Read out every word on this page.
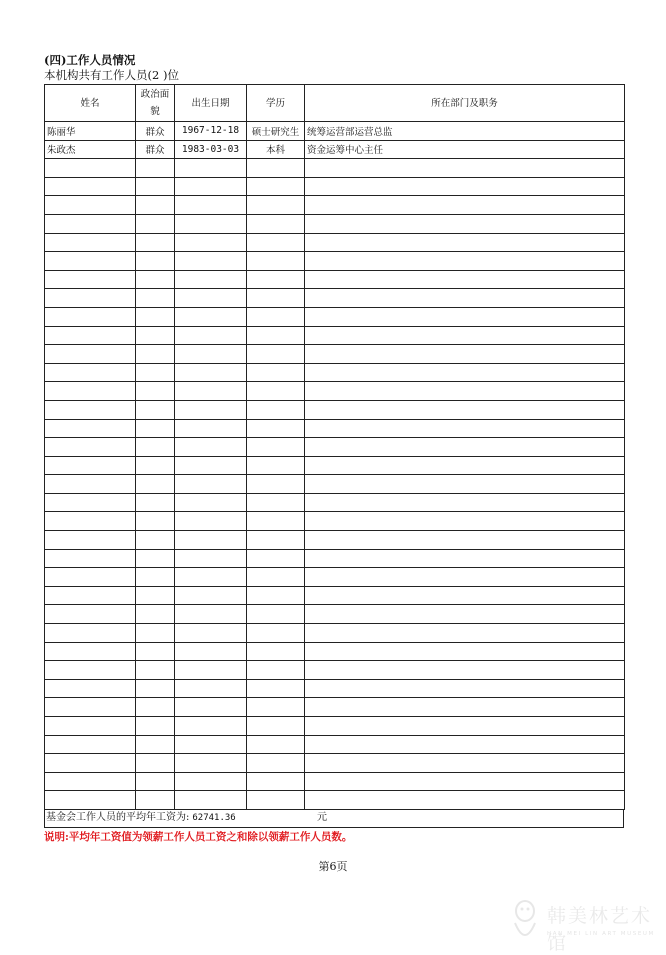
(四)工作人员情况
本机构共有工作人员(2 )位
姓名	政治面貌	出生日期	学历	所在部门及职务
陈丽华	群众	1967-12-18	硕士研究生	统筹运营部运营总监
朱政杰	群众	1983-03-03	本科	资金运筹中心主任

基金会工作人员的平均年工资为: 62741.36	元
说明:平均年工资值为领薪工作人员工资之和除以领薪工作人员数。
第6页
韩美林艺术馆
HAN MEI LIN ART MUSEUM
